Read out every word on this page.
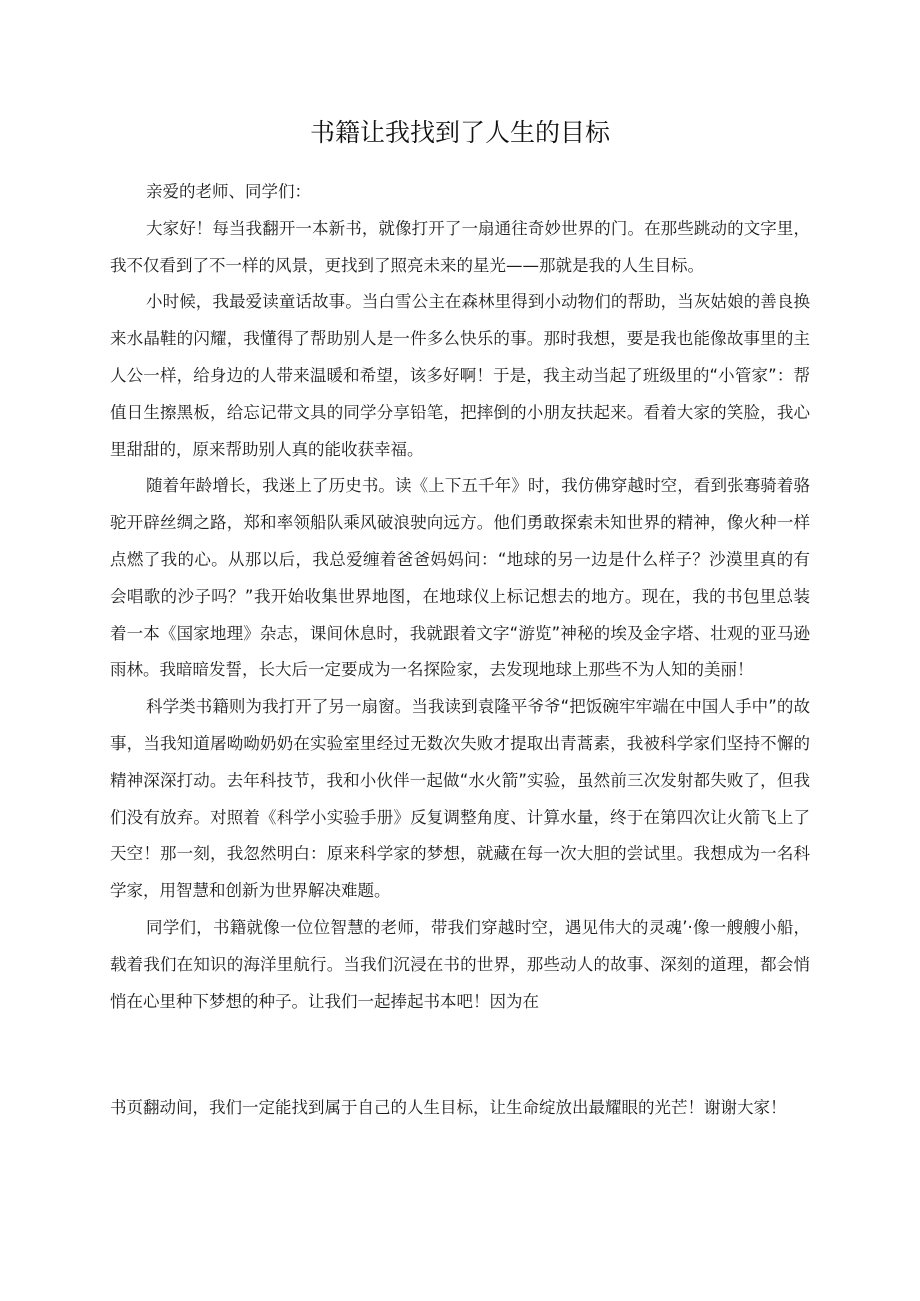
书籍让我找到了人生的目标

亲爱的老师、同学们：

大家好！每当我翻开一本新书，就像打开了一扇通往奇妙世界的门。在那些跳动的文字里，我不仅看到了不一样的风景，更找到了照亮未来的星光——那就是我的人生目标。

小时候，我最爱读童话故事。当白雪公主在森林里得到小动物们的帮助，当灰姑娘的善良换来水晶鞋的闪耀，我懂得了帮助别人是一件多么快乐的事。那时我想，要是我也能像故事里的主人公一样，给身边的人带来温暖和希望，该多好啊！于是，我主动当起了班级里的“小管家”：帮值日生擦黑板，给忘记带文具的同学分享铅笔，把摔倒的小朋友扶起来。看着大家的笑脸，我心里甜甜的，原来帮助别人真的能收获幸福。

随着年龄增长，我迷上了历史书。读《上下五千年》时，我仿佛穿越时空，看到张骞骑着骆驼开辟丝绸之路，郑和率领船队乘风破浪驶向远方。他们勇敢探索未知世界的精神，像火种一样点燃了我的心。从那以后，我总爱缠着爸爸妈妈问：“地球的另一边是什么样子？沙漠里真的有会唱歌的沙子吗？”我开始收集世界地图，在地球仪上标记想去的地方。现在，我的书包里总装着一本《国家地理》杂志，课间休息时，我就跟着文字“游览”神秘的埃及金字塔、壮观的亚马逊雨林。我暗暗发誓，长大后一定要成为一名探险家，去发现地球上那些不为人知的美丽！

科学类书籍则为我打开了另一扇窗。当我读到袁隆平爷爷“把饭碗牢牢端在中国人手中”的故事，当我知道屠呦呦奶奶在实验室里经过无数次失败才提取出青蒿素，我被科学家们坚持不懈的精神深深打动。去年科技节，我和小伙伴一起做“水火箭”实验，虽然前三次发射都失败了，但我们没有放弃。对照着《科学小实验手册》反复调整角度、计算水量，终于在第四次让火箭飞上了天空！那一刻，我忽然明白：原来科学家的梦想，就藏在每一次大胆的尝试里。我想成为一名科学家，用智慧和创新为世界解决难题。

同学们，书籍就像一位位智慧的老师，带我们穿越时空，遇见伟大的灵魂’·像一艘艘小船，载着我们在知识的海洋里航行。当我们沉浸在书的世界，那些动人的故事、深刻的道理，都会悄悄在心里种下梦想的种子。让我们一起捧起书本吧！因为在

书页翻动间，我们一定能找到属于自己的人生目标，让生命绽放出最耀眼的光芒！谢谢大家！
